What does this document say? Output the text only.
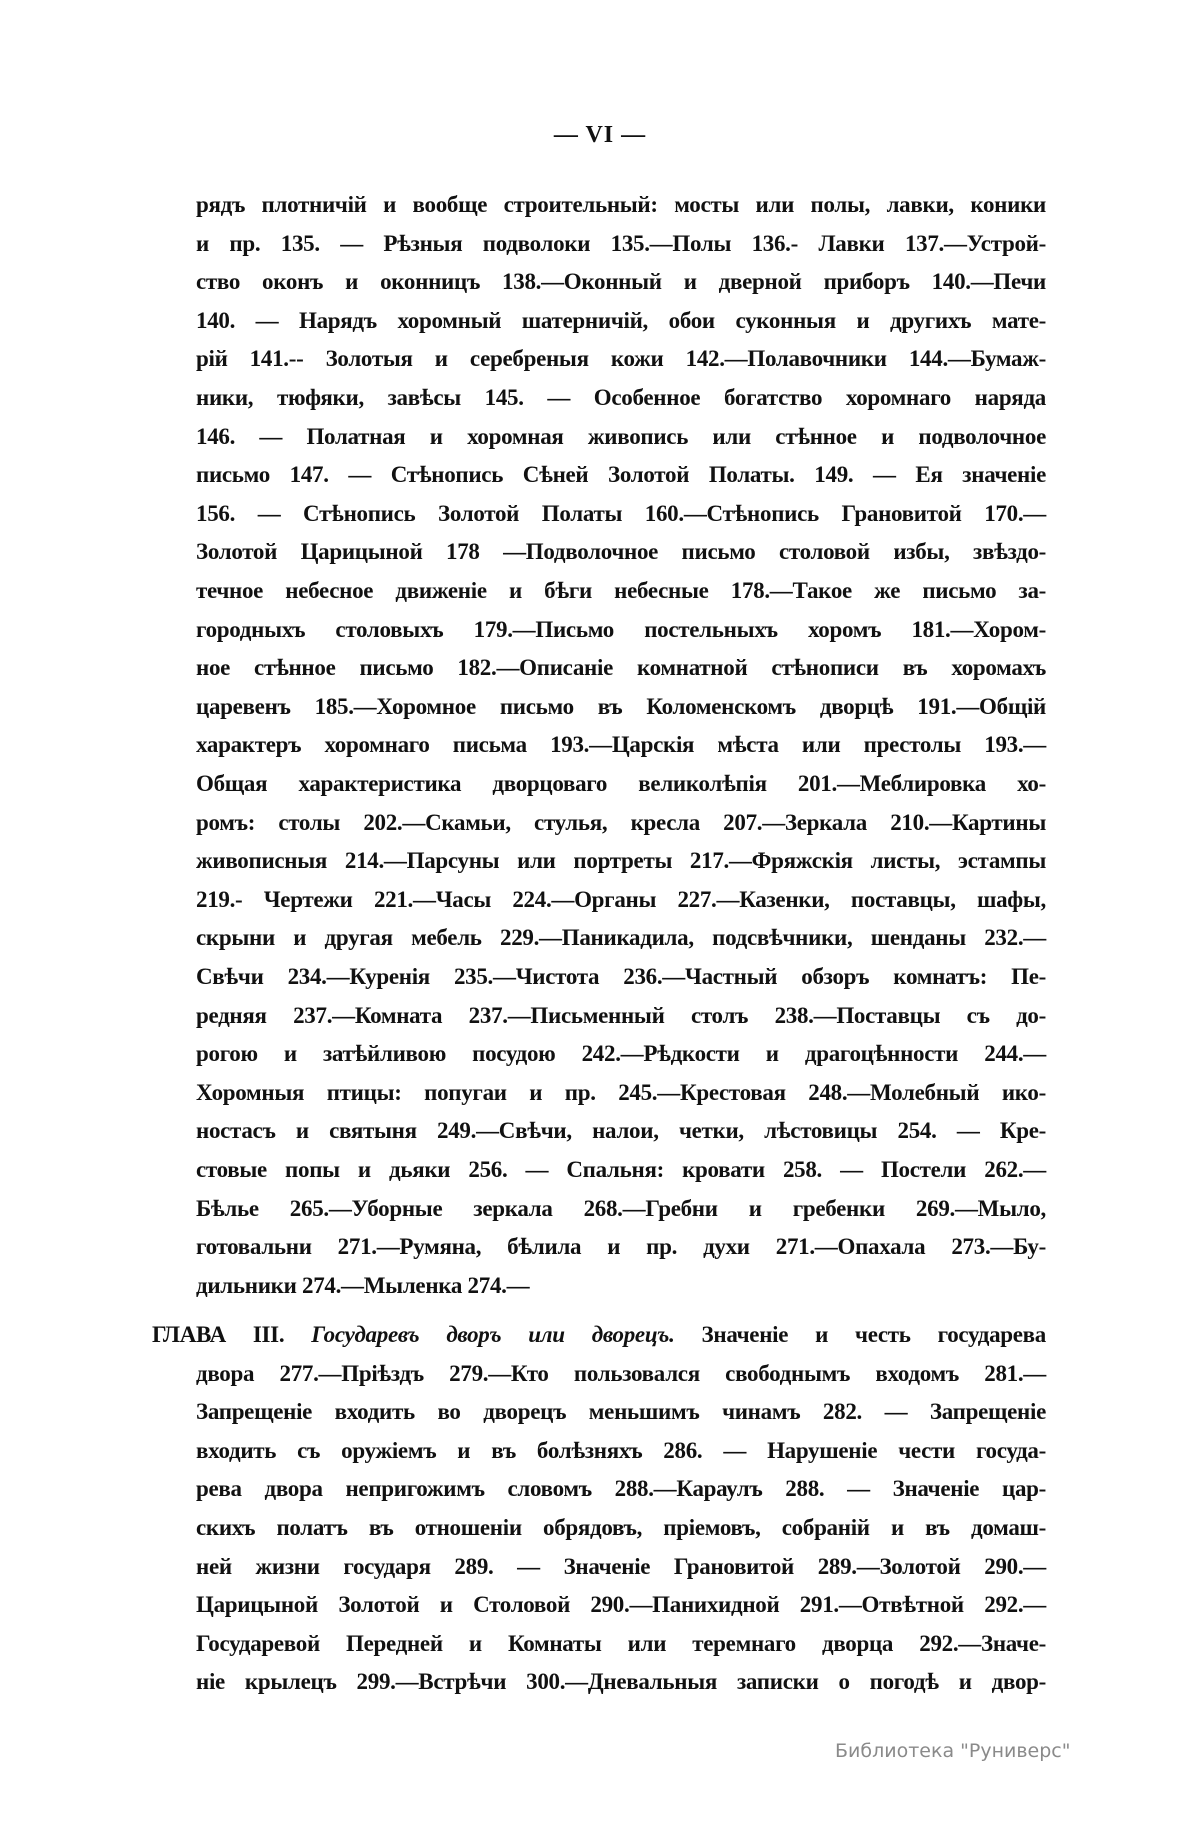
— VI —
рядъ плотничій и вообще строительный: мосты или полы, лавки, коники
и пр. 135. — Рѣзныя подволоки 135.—Полы 136.- Лавки 137.—Устрой-
ство оконъ и оконницъ 138.—Оконный и дверной приборъ 140.—Печи
140. — Нарядъ хоромный шатерничій, обои суконныя и другихъ мате-
рій 141.-- Золотыя и серебреныя кожи 142.—Полавочники 144.—Бумаж-
ники, тюфяки, завѣсы 145. — Особенное богатство хоромнаго наряда
146. — Полатная и хоромная живопись или стѣнное и подволочное
письмо 147. — Стѣнопись Сѣней Золотой Полаты. 149. — Ея значеніе
156. — Стѣнопись Золотой Полаты 160.—Стѣнопись Грановитой 170.—
Золотой Царицыной 178 —Подволочное письмо столовой избы, звѣздо-
течное небесное движеніе и бѣги небесные 178.—Такое же письмо за-
городныхъ столовыхъ 179.—Письмо постельныхъ хоромъ 181.—Хором-
ное стѣнное письмо 182.—Описаніе комнатной стѣнописи въ хоромахъ
царевенъ 185.—Хоромное письмо въ Коломенскомъ дворцѣ 191.—Общій
характеръ хоромнаго письма 193.—Царскія мѣста или престолы 193.—
Общая характеристика дворцоваго великолѣпія 201.—Меблировка хо-
ромъ: столы 202.—Скамьи, стулья, кресла 207.—Зеркала 210.—Картины
живописныя 214.—Парсуны или портреты 217.—Фряжскія листы, эстампы
219.- Чертежи 221.—Часы 224.—Органы 227.—Казенки, поставцы, шафы,
скрыни и другая мебель 229.—Паникадила, подсвѣчники, шенданы 232.—
Свѣчи 234.—Куренія 235.—Чистота 236.—Частный обзоръ комнатъ: Пе-
редняя 237.—Комната 237.—Письменный столъ 238.—Поставцы съ до-
рогою и затѣйливою посудою 242.—Рѣдкости и драгоцѣнности 244.—
Хоромныя птицы: попугаи и пр. 245.—Крестовая 248.—Молебный ико-
ностасъ и святыня 249.—Свѣчи, налои, четки, лѣстовицы 254. — Кре-
стовые попы и дьяки 256. — Спальня: кровати 258. — Постели 262.—
Бѣлье 265.—Уборные зеркала 268.—Гребни и гребенки 269.—Мыло,
готовальни 271.—Румяна, бѣлила и пр. духи 271.—Опахала 273.—Бу-
дильники 274.—Мыленка 274.—
ГЛАВА III. Государевъ дворъ или дворецъ. Значеніе и честь государева
двора 277.—Пріѣздъ 279.—Кто пользовался свободнымъ входомъ 281.—
Запрещеніе входить во дворецъ меньшимъ чинамъ 282. — Запрещеніе
входить съ оружіемъ и въ болѣзняхъ 286. — Нарушеніе чести госуда-
рева двора непригожимъ словомъ 288.—Караулъ 288. — Значеніе цар-
скихъ полатъ въ отношеніи обрядовъ, пріемовъ, собраній и въ домаш-
ней жизни государя 289. — Значеніе Грановитой 289.—Золотой 290.—
Царицыной Золотой и Столовой 290.—Панихидной 291.—Отвѣтной 292.—
Государевой Передней и Комнаты или теремнаго дворца 292.—Значе-
ніе крылецъ 299.—Встрѣчи 300.—Дневальныя записки о погодѣ и двор-
Библиотека "Руниверс"
